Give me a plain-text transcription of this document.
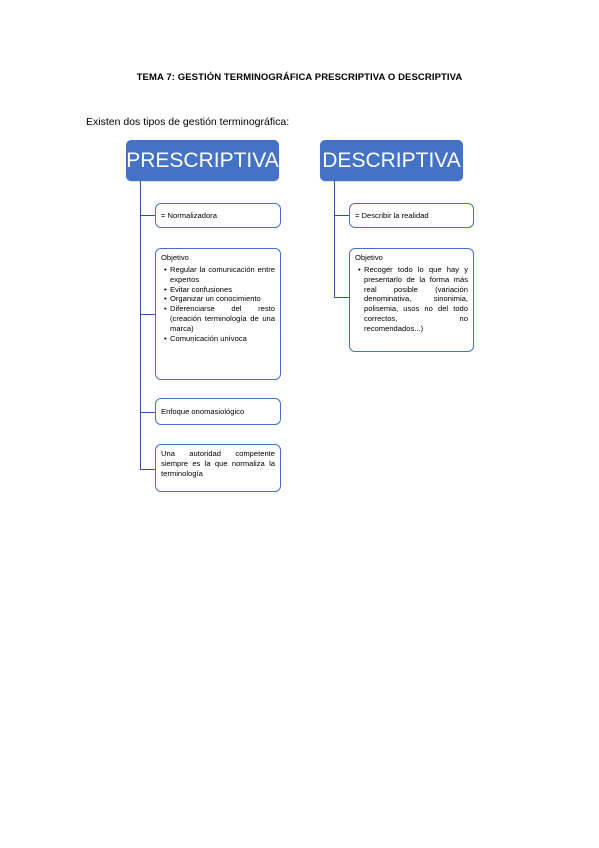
TEMA 7: GESTIÓN TERMINOGRÁFICA PRESCRIPTIVA O DESCRIPTIVA
Existen dos tipos de gestión terminográfica:
PRESCRIPTIVA
= Normalizadora
Objetivo
• Regular la comunicación entre expertos
• Evitar confusiones
• Organizar un conocimiento
• Diferenciarse del resto (creación terminología de una marca)
• Comunicación unívoca
Enfoque onomasiológico
Una autoridad competente siempre es la que normaliza la terminología
DESCRIPTIVA
= Describir la realidad
Objetivo
• Recoger todo lo que hay y presentarlo de la forma más real posible (variación denominativa, sinonimia, polisemia, usos no del todo correctos, no recomendados...)
